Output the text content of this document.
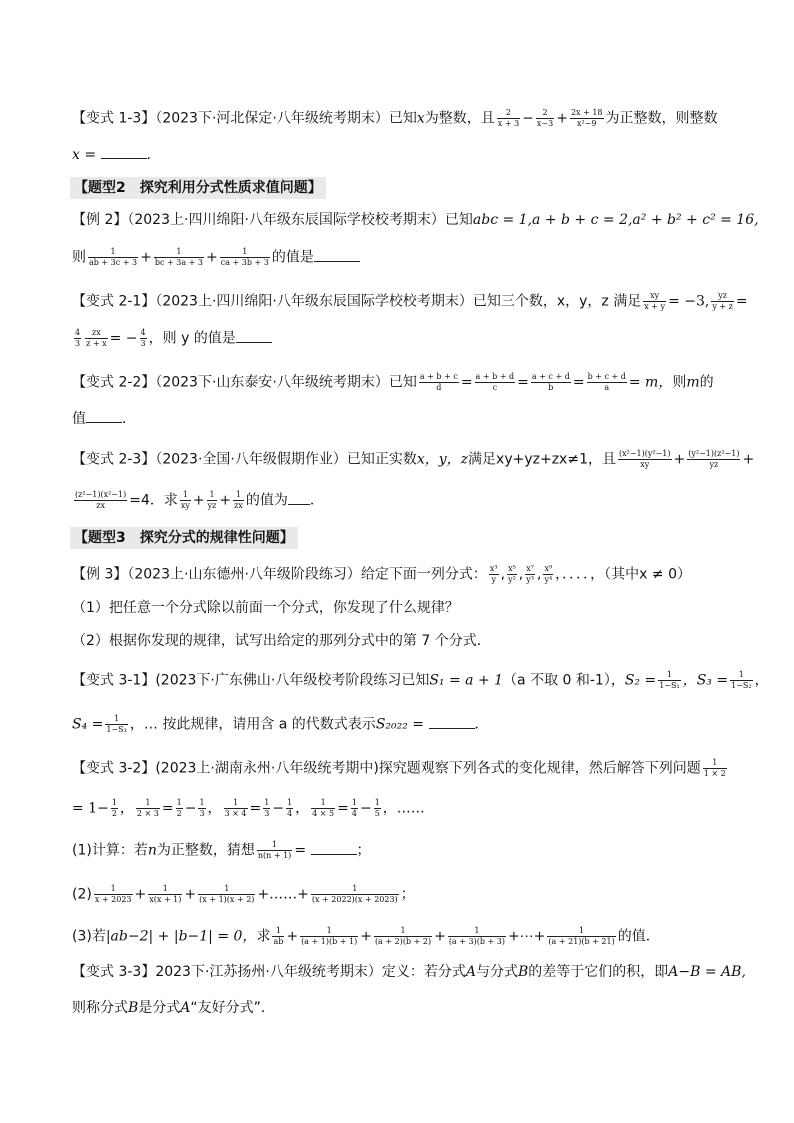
【变式 1-3】（2023下·河北保定·八年级统考期末）已知x为整数，且 $\frac{2}{x + 3} - \frac{2}{x-3} + \frac{2x + 18}{\text{x²−9}}$ 为正整数，则整数
x =	．
【题型2　探究利用分式性质求值问题】
【例 2】（2023上·四川绵阳·八年级东辰国际学校校考期末）已知abc = 1,a + b + c = 2,a² + b² + c² = 16,
则 $\frac{1}{ab + 3c + 3} + \frac{1}{bc + 3a + 3} + \frac{1}{ca + 3b + 3}$ 的值是
【变式 2-1】（2023上·四川绵阳·八年级东辰国际学校校考期末）已知三个数，x，y，z 满足 $\frac{xy}{x + y} = -3$, $\frac{yz}{y + z}$ =
$\frac{4}{3} \frac{zx}{z + x}$ = − $\frac{4}{3}$ ，则 y 的值是
【变式 2-2】（2023下·山东泰安·八年级统考期末）已知 $\frac{a + b + c}{d} = \frac{a + b + d}{c} = \frac{a + c + d}{b} = \frac{b + c + d}{a} = m$，则m的
值	．
【变式 2-3】（2023·全国·八年级假期作业）已知正实数x，y，z满足xy+yz+zx≠1，且 $\frac{\text{(x²−1)(y²−1)}}{xy} + \frac{\text{(y²−1)(z²−1)}}{yz}$ +
$\frac{\text{(z²−1)(x²−1)}}{zx} =4$．求 $\frac{1}{xy} + \frac{1}{yz} + \frac{1}{zx}$ 的值为 ．
【题型3　探究分式的规律性问题】
【例 3】（2023上·山东德州·八年级阶段练习）给定下面一列分式： $\frac{\text{x³}}{y}$ , $\frac{\text{x⁵}}{\text{y²}}$ , $\frac{\text{x⁷}}{\text{y³}}$ , $\frac{\text{x⁹}}{\text{y⁴}}$ ，．．．．，（其中x ≠ 0）
（1）把任意一个分式除以前面一个分式，你发现了什么规律？
（2）根据你发现的规律，试写出给定的那列分式中的第 7 个分式．
【变式 3-1】(2023下·广东佛山·八年级校考阶段练习已知S₁ = a + 1（a 不取 0 和-1），$S_2 = \frac{1}{\text{1−S₁}}$ ，$S_3 = \frac{1}{\text{1−S₂}}$ ，
$S_4 = \frac{1}{\text{1−S₃}}$ ，… 按此规律，请用含 a 的代数式表示S₂₀₂₂ =	．
【变式 3-2】(2023上·湖南永州·八年级统考期中)探究题观察下列各式的变化规律，然后解答下列问题 $\frac{1}{1 \times 2}$
= $1- \frac{1}{2}$ ， $\frac{1}{2 \times 3} = \frac{1}{2} - \frac{1}{3}$ ， $\frac{1}{3 \times 4} = \frac{1}{3} - \frac{1}{4}$ ， $\frac{1}{4 \times 5} = \frac{1}{4} - \frac{1}{5}$ ，……
(1)计算：若n为正整数，猜想 $\frac{1}{n(n + 1)}$ =	；
$(2) \frac{1}{x + 2023} + \frac{1}{x(x + 1)} + \frac{1}{(x + 1)(x + 2)}$ +……+ $\frac{1}{(x + 2022)(x + 2023)}$ ；
(3)若|ab−2| + |b−1| = 0，求 $\frac{1}{ab} + \frac{1}{(a + 1)(b + 1)} + \frac{1}{(a + 2)(b + 2)} + \frac{1}{(a + 3)(b + 3)}$ +⋯+ $\frac{1}{(a + 21)(b + 21)}$ 的值．
【变式 3-3】2023下·江苏扬州·八年级统考期末）定义：若分式A与分式B的差等于它们的积，即A−B = AB,
则称分式B是分式A“友好分式”．
